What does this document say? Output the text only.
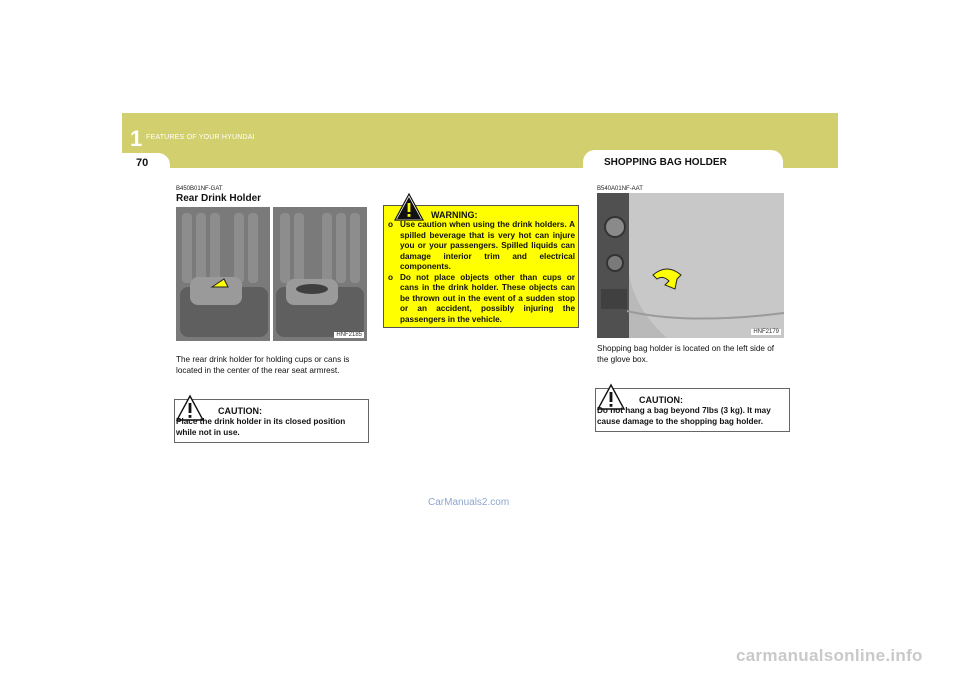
1 FEATURES OF YOUR HYUNDAI
70	SHOPPING BAG HOLDER
B450B01NF-GAT
Rear Drink Holder
HNF2185
The rear drink holder for holding cups or cans is located in the center of the rear seat armrest.
CAUTION:
Place the drink holder in its closed position while not in use.
WARNING:
o Use caution when using the drink holders. A spilled beverage that is very hot can injure you or your passengers. Spilled liquids can damage interior trim and electrical components.
o Do not place objects other than cups or cans in the drink holder. These objects can be thrown out in the event of a sudden stop or an accident, possibly injuring the passengers in the vehicle.
B540A01NF-AAT
HNF2179
Shopping bag holder is located on the left side of the glove box.
CAUTION:
Do not hang a bag beyond 7lbs (3 kg). It may cause damage to the shopping bag holder.
CarManuals2.com
carmanualsonline.info
